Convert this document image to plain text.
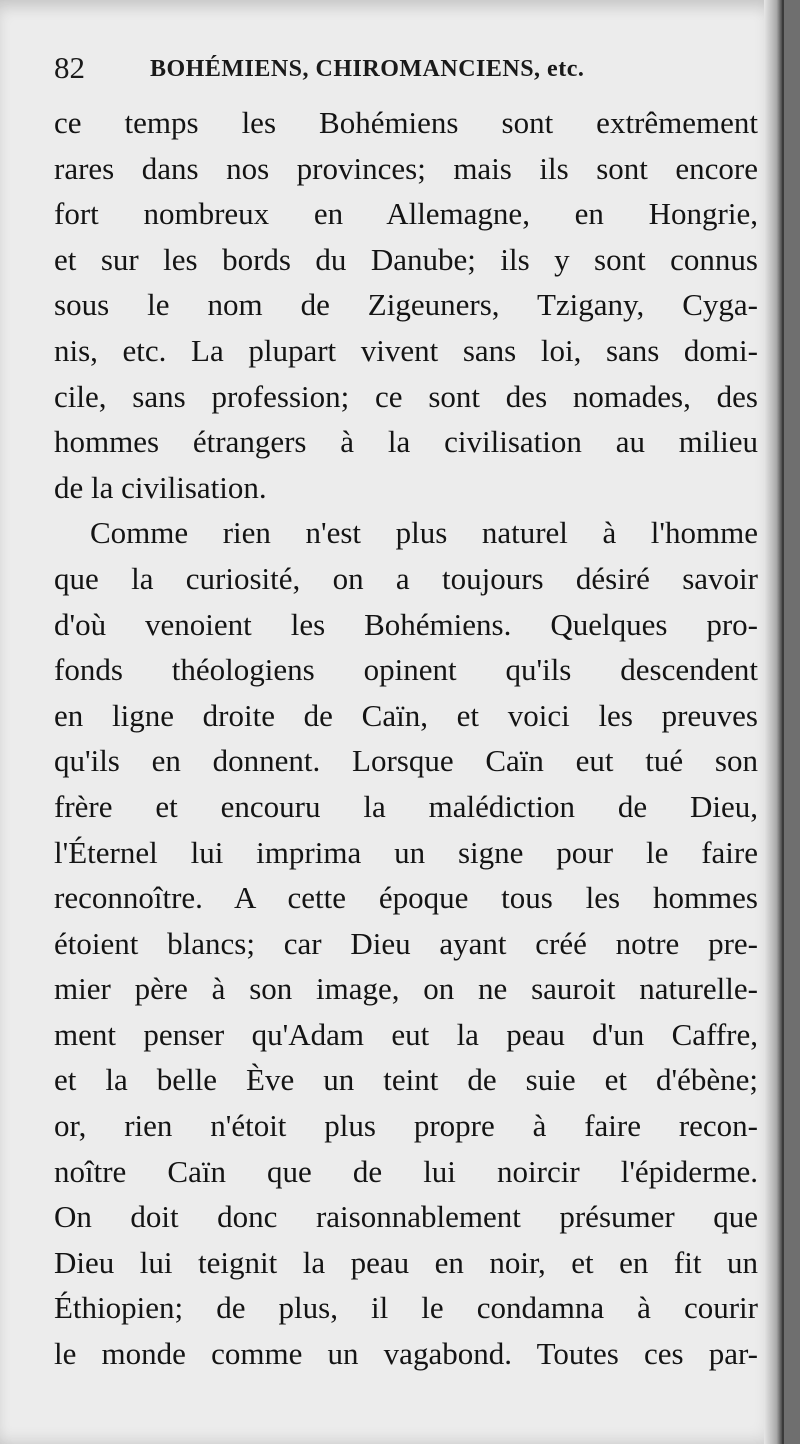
82	BOHÉMIENS, CHIROMANCIENS, etc.
ce temps les Bohémiens sont extrêmement
rares dans nos provinces; mais ils sont encore
fort nombreux en Allemagne, en Hongrie,
et sur les bords du Danube; ils y sont connus
sous le nom de Zigeuners, Tzigany, Cyga-
nis, etc. La plupart vivent sans loi, sans domi-
cile, sans profession; ce sont des nomades, des
hommes étrangers à la civilisation au milieu
de la civilisation.
Comme rien n'est plus naturel à l'homme
que la curiosité, on a toujours désiré savoir
d'où venoient les Bohémiens. Quelques pro-
fonds théologiens opinent qu'ils descendent
en ligne droite de Caïn, et voici les preuves
qu'ils en donnent. Lorsque Caïn eut tué son
frère et encouru la malédiction de Dieu,
l'Éternel lui imprima un signe pour le faire
reconnoître. A cette époque tous les hommes
étoient blancs; car Dieu ayant créé notre pre-
mier père à son image, on ne sauroit naturelle-
ment penser qu'Adam eut la peau d'un Caffre,
et la belle Ève un teint de suie et d'ébène;
or, rien n'étoit plus propre à faire recon-
noître Caïn que de lui noircir l'épiderme.
On doit donc raisonnablement présumer que
Dieu lui teignit la peau en noir, et en fit un
Éthiopien; de plus, il le condamna à courir
le monde comme un vagabond. Toutes ces par-
